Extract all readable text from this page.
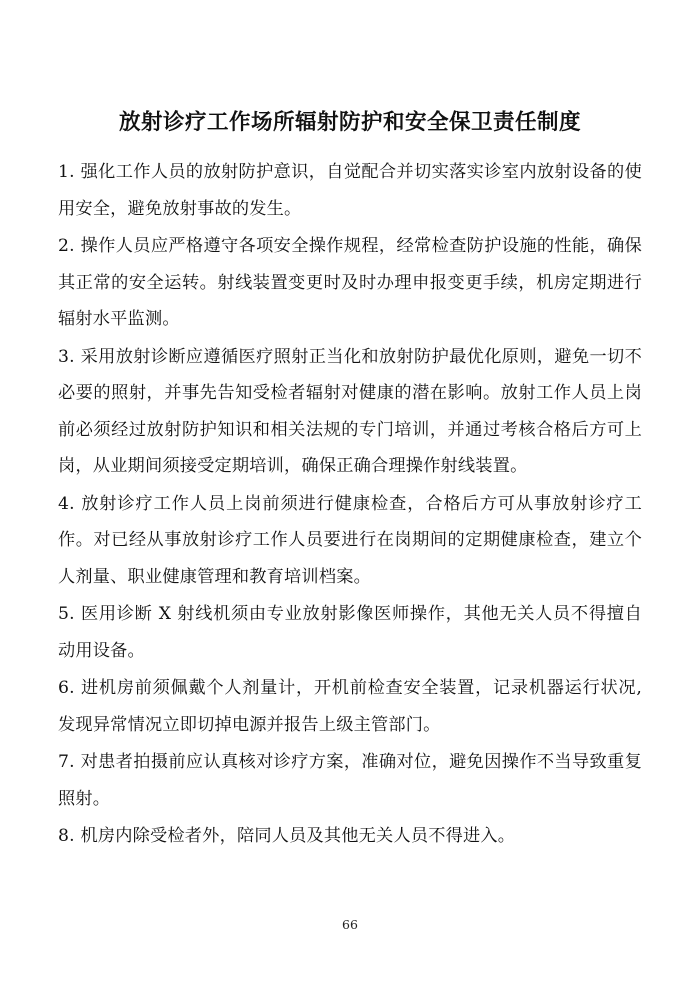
放射诊疗工作场所辐射防护和安全保卫责任制度

1. 强化工作人员的放射防护意识，自觉配合并切实落实诊室内放射设备的使用安全，避免放射事故的发生。

2. 操作人员应严格遵守各项安全操作规程，经常检查防护设施的性能，确保其正常的安全运转。射线装置变更时及时办理申报变更手续，机房定期进行辐射水平监测。

3. 采用放射诊断应遵循医疗照射正当化和放射防护最优化原则，避免一切不必要的照射，并事先告知受检者辐射对健康的潜在影响。放射工作人员上岗前必须经过放射防护知识和相关法规的专门培训，并通过考核合格后方可上岗，从业期间须接受定期培训，确保正确合理操作射线装置。

4. 放射诊疗工作人员上岗前须进行健康检查，合格后方可从事放射诊疗工作。对已经从事放射诊疗工作人员要进行在岗期间的定期健康检查，建立个人剂量、职业健康管理和教育培训档案。

5. 医用诊断 X 射线机须由专业放射影像医师操作，其他无关人员不得擅自动用设备。

6. 进机房前须佩戴个人剂量计，开机前检查安全装置，记录机器运行状况,发现异常情况立即切掉电源并报告上级主管部门。

7. 对患者拍摄前应认真核对诊疗方案，准确对位，避免因操作不当导致重复照射。

8. 机房内除受检者外，陪同人员及其他无关人员不得进入。

66
